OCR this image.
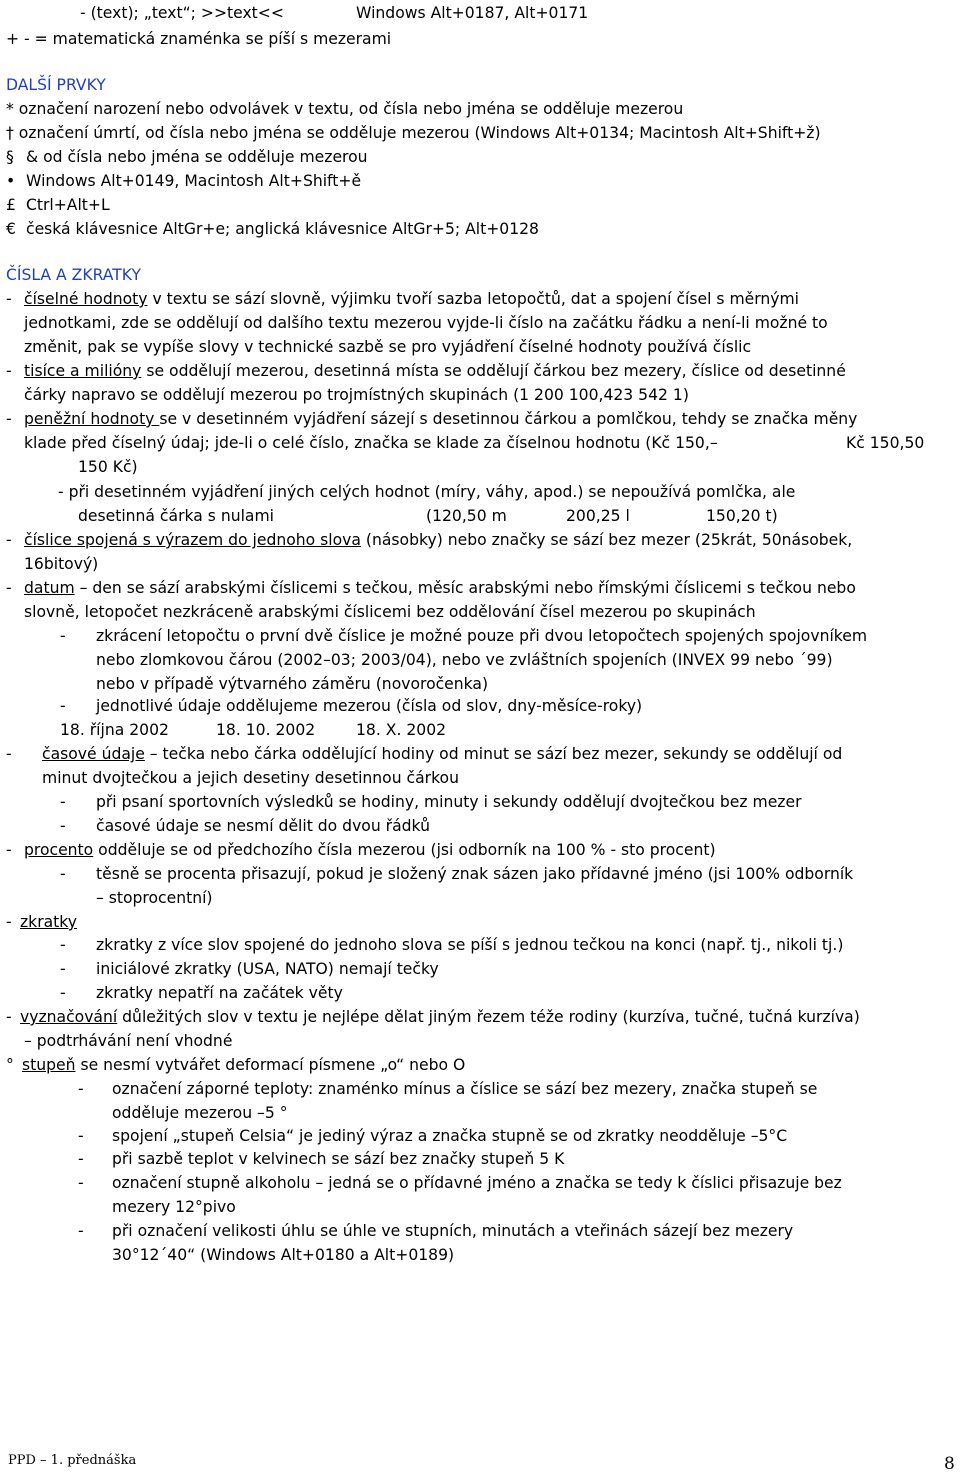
- (text); „text“; >>text<<	Windows Alt+0187, Alt+0171
+ - = matematická znaménka se píší s mezerami
DALŠÍ PRVKY
* označení narození nebo odvolávek v textu, od čísla nebo jména se odděluje mezerou
† označení úmrtí, od čísla nebo jména se odděluje mezerou (Windows Alt+0134; Macintosh Alt+Shift+ž)
§ & od čísla nebo jména se odděluje mezerou
• Windows Alt+0149, Macintosh Alt+Shift+ě
£ Ctrl+Alt+L
€ česká klávesnice AltGr+e; anglická klávesnice AltGr+5; Alt+0128
ČÍSLA A ZKRATKY
- číselné hodnoty v textu se sází slovně, výjimku tvoří sazba letopočtů, dat a spojení čísel s měrnými
jednotkami, zde se oddělují od dalšího textu mezerou vyjde-li číslo na začátku řádku a není-li možné to
změnit, pak se vypíše slovy v technické sazbě se pro vyjádření číselné hodnoty používá číslic
- tisíce a milióny se oddělují mezerou, desetinná místa se oddělují čárkou bez mezery, číslice od desetinné
čárky napravo se oddělují mezerou po trojmístných skupinách (1 200 100,423 542 1)
- peněžní hodnoty se v desetinném vyjádření sázejí s desetinnou čárkou a pomlčkou, tehdy se značka měny
klade před číselný údaj; jde-li o celé číslo, značka se klade za číselnou hodnotu (Kč 150,–	Kč 150,50
150 Kč)
- při desetinném vyjádření jiných celých hodnot (míry, váhy, apod.) se nepoužívá pomlčka, ale
desetinná čárka s nulami	(120,50 m	200,25 l	150,20 t)
- číslice spojená s výrazem do jednoho slova (násobky) nebo značky se sází bez mezer (25krát, 50násobek,
16bitový)
- datum – den se sází arabskými číslicemi s tečkou, měsíc arabskými nebo římskými číslicemi s tečkou nebo
slovně, letopočet nezkráceně arabskými číslicemi bez oddělování čísel mezerou po skupinách
- zkrácení letopočtu o první dvě číslice je možné pouze při dvou letopočtech spojených spojovníkem
nebo zlomkovou čárou (2002–03; 2003/04), nebo ve zvláštních spojeních (INVEX 99 nebo ´99)
nebo v případě výtvarného záměru (novoročenka)
- jednotlivé údaje oddělujeme mezerou (čísla od slov, dny-měsíce-roky)
18. října 2002	18. 10. 2002	18. X. 2002
- časové údaje – tečka nebo čárka oddělující hodiny od minut se sází bez mezer, sekundy se oddělují od
minut dvojtečkou a jejich desetiny desetinnou čárkou
- při psaní sportovních výsledků se hodiny, minuty i sekundy oddělují dvojtečkou bez mezer
- časové údaje se nesmí dělit do dvou řádků
- procento odděluje se od předchozího čísla mezerou (jsi odborník na 100 % - sto procent)
- těsně se procenta přisazují, pokud je složený znak sázen jako přídavné jméno (jsi 100% odborník
– stoprocentní)
- zkratky
- zkratky z více slov spojené do jednoho slova se píší s jednou tečkou na konci (např. tj., nikoli tj.)
- iniciálové zkratky (USA, NATO) nemají tečky
- zkratky nepatří na začátek věty
- vyznačování důležitých slov v textu je nejlépe dělat jiným řezem téže rodiny (kurzíva, tučné, tučná kurzíva)
– podtrhávání není vhodné
° stupeň se nesmí vytvářet deformací písmene „o“ nebo O
- označení záporné teploty: znaménko mínus a číslice se sází bez mezery, značka stupeň se
odděluje mezerou –5 °
- spojení „stupeň Celsia“ je jediný výraz a značka stupně se od zkratky neodděluje –5°C
- při sazbě teplot v kelvinech se sází bez značky stupeň 5 K
- označení stupně alkoholu – jedná se o přídavné jméno a značka se tedy k číslici přisazuje bez
mezery 12°pivo
- při označení velikosti úhlu se úhle ve stupních, minutách a vteřinách sázejí bez mezery
30°12´40“ (Windows Alt+0180 a Alt+0189)
PPD – 1. přednáška	8
